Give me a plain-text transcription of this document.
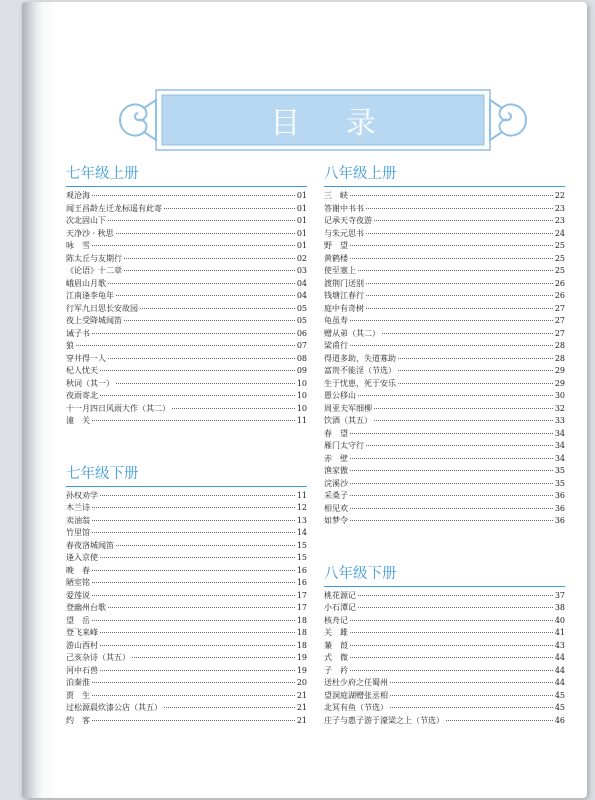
目 录
七年级上册
观沧海	01
闻王昌龄左迁龙标遥有此寄	01
次北固山下	01
天净沙 · 秋思	01
咏　雪	01
陈太丘与友期行	02
《论语》十二章	03
峨眉山月歌	04
江南逢李龟年	04
行军九日思长安故园	05
夜上受降城闻笛	05
诫子书	06
狼	07
穿井得一人	08
杞人忧天	09
秋词（其一）	10
夜雨寄北	10
十一月四日风雨大作（其二）	10
潼　关	11
七年级下册
孙权劝学	11
木兰诗	12
卖油翁	13
竹里馆	14
春夜洛城闻笛	15
逢入京使	15
晚　春	16
陋室铭	16
爱莲说	17
登幽州台歌	17
望　岳	18
登飞来峰	18
游山西村	18
己亥杂诗（其五）	19
河中石兽	19
泊秦淮	20
贾　生	21
过松源晨炊漆公店（其五）	21
约　客	21
八年级上册
三　峡	22
答谢中书书	23
记承天寺夜游	23
与朱元思书	24
野　望	25
黄鹤楼	25
使至塞上	25
渡荆门送别	26
钱塘江春行	26
庭中有奇树	27
龟虽寿	27
赠从弟（其二）	27
梁甫行	28
得道多助，失道寡助	28
富贵不能淫（节选）	29
生于忧患，死于安乐	29
愚公移山	30
周亚夫军细柳	32
饮酒（其五）	33
春　望	34
雁门太守行	34
赤　壁	34
渔家傲	35
浣溪沙	35
采桑子	36
相见欢	36
如梦令	36
八年级下册
桃花源记	37
小石潭记	38
核舟记	40
关　雎	41
蒹　葭	43
式　微	44
子　衿	44
送杜少府之任蜀州	44
望洞庭湖赠张丞相	45
北冥有鱼（节选）	45
庄子与惠子游于濠梁之上（节选）	46
